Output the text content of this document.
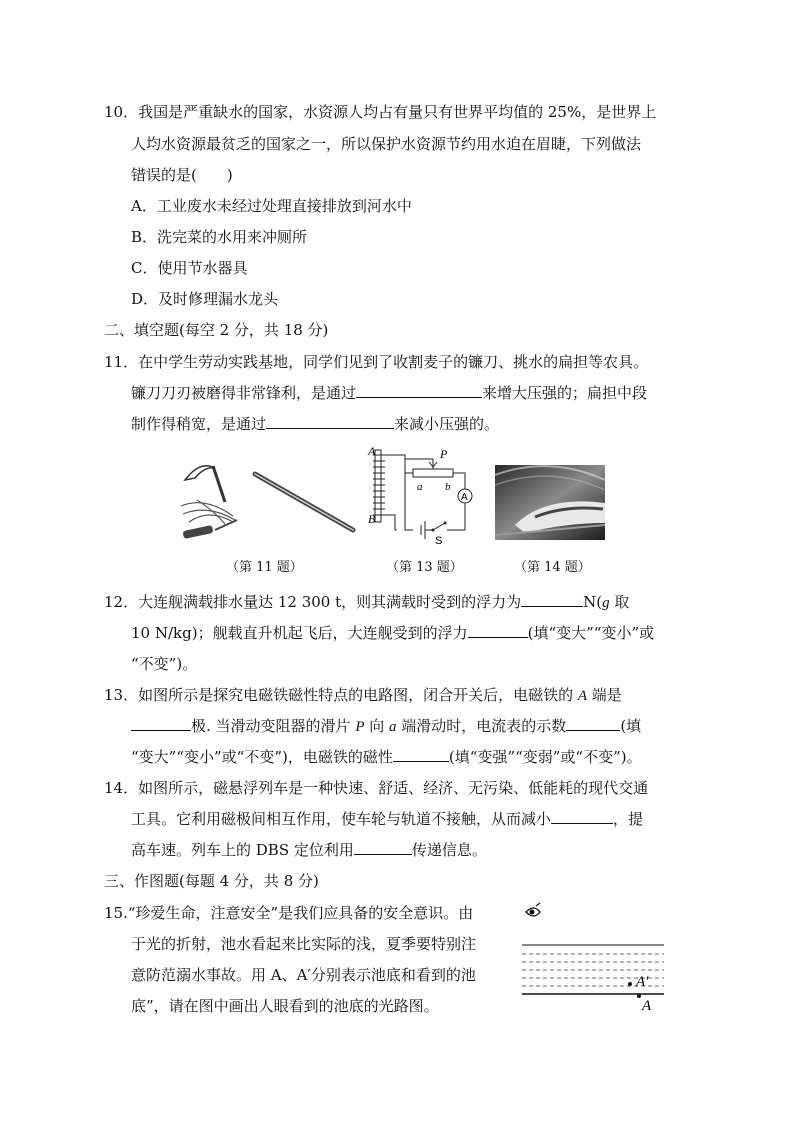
10．我国是严重缺水的国家，水资源人均占有量只有世界平均值的 25%，是世界上
人均水资源最贫乏的国家之一，所以保护水资源节约用水迫在眉睫，下列做法
错误的是(　　)
A．工业废水未经过处理直接排放到河水中
B．洗完菜的水用来冲厕所
C．使用节水器具
D．及时修理漏水龙头
二、填空题(每空 2 分，共 18 分)
11．在中学生劳动实践基地，同学们见到了收割麦子的镰刀、挑水的扁担等农具。
镰刀刀刃被磨得非常锋利，是通过	来增大压强的；扁担中段
制作得稍宽，是通过	来减小压强的。
A
B
P
a b
A
S
（第 11 题）	（第 13 题）	（第 14 题）
12．大连舰满载排水量达 12 300 t，则其满载时受到的浮力为	N(g 取
10 N/kg)；舰载直升机起飞后，大连舰受到的浮力	(填“变大”“变小”或
“不变”)。
13．如图所示是探究电磁铁磁性特点的电路图，闭合开关后，电磁铁的 A 端是
极. 当滑动变阻器的滑片 P 向 a 端滑动时，电流表的示数	(填
“变大”“变小”或“不变”)，电磁铁的磁性	(填“变强”“变弱”或“不变”)。
14．如图所示，磁悬浮列车是一种快速、舒适、经济、无污染、低能耗的现代交通
工具。它利用磁极间相互作用，使车轮与轨道不接触，从而减小	，提
高车速。列车上的 DBS 定位利用	传递信息。
三、作图题(每题 4 分，共 8 分)
15.“珍爱生命，注意安全”是我们应具备的安全意识。由
于光的折射，池水看起来比实际的浅，夏季要特别注
意防范溺水事故。用 A、A′分别表示池底和看到的池
底”，请在图中画出人眼看到的池底的光路图。
A′
A
